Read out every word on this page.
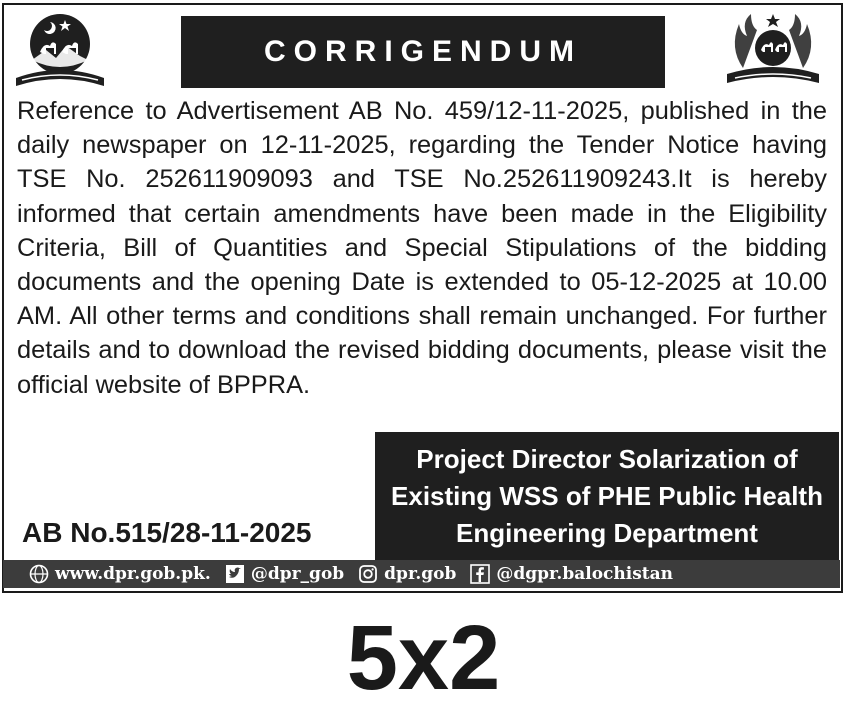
CORRIGENDUM

Reference to Advertisement AB No. 459/12-11-2025, published in the daily newspaper on 12-11-2025, regarding the Tender Notice having TSE No. 252611909093 and TSE No.252611909243.It is hereby informed that certain amendments have been made in the Eligibility Criteria, Bill of Quantities and Special Stipulations of the bidding documents and the opening Date is extended to 05-12-2025 at 10.00 AM. All other terms and conditions shall remain unchanged. For further details and to download the revised bidding documents, please visit the official website of BPPRA.

Project Director Solarization of
Existing WSS of PHE Public Health
Engineering Department
AB No.515/28-11-2025
www.dpr.gob.pk. @dpr_gob dpr.gob @dgpr.balochistan
5x2
